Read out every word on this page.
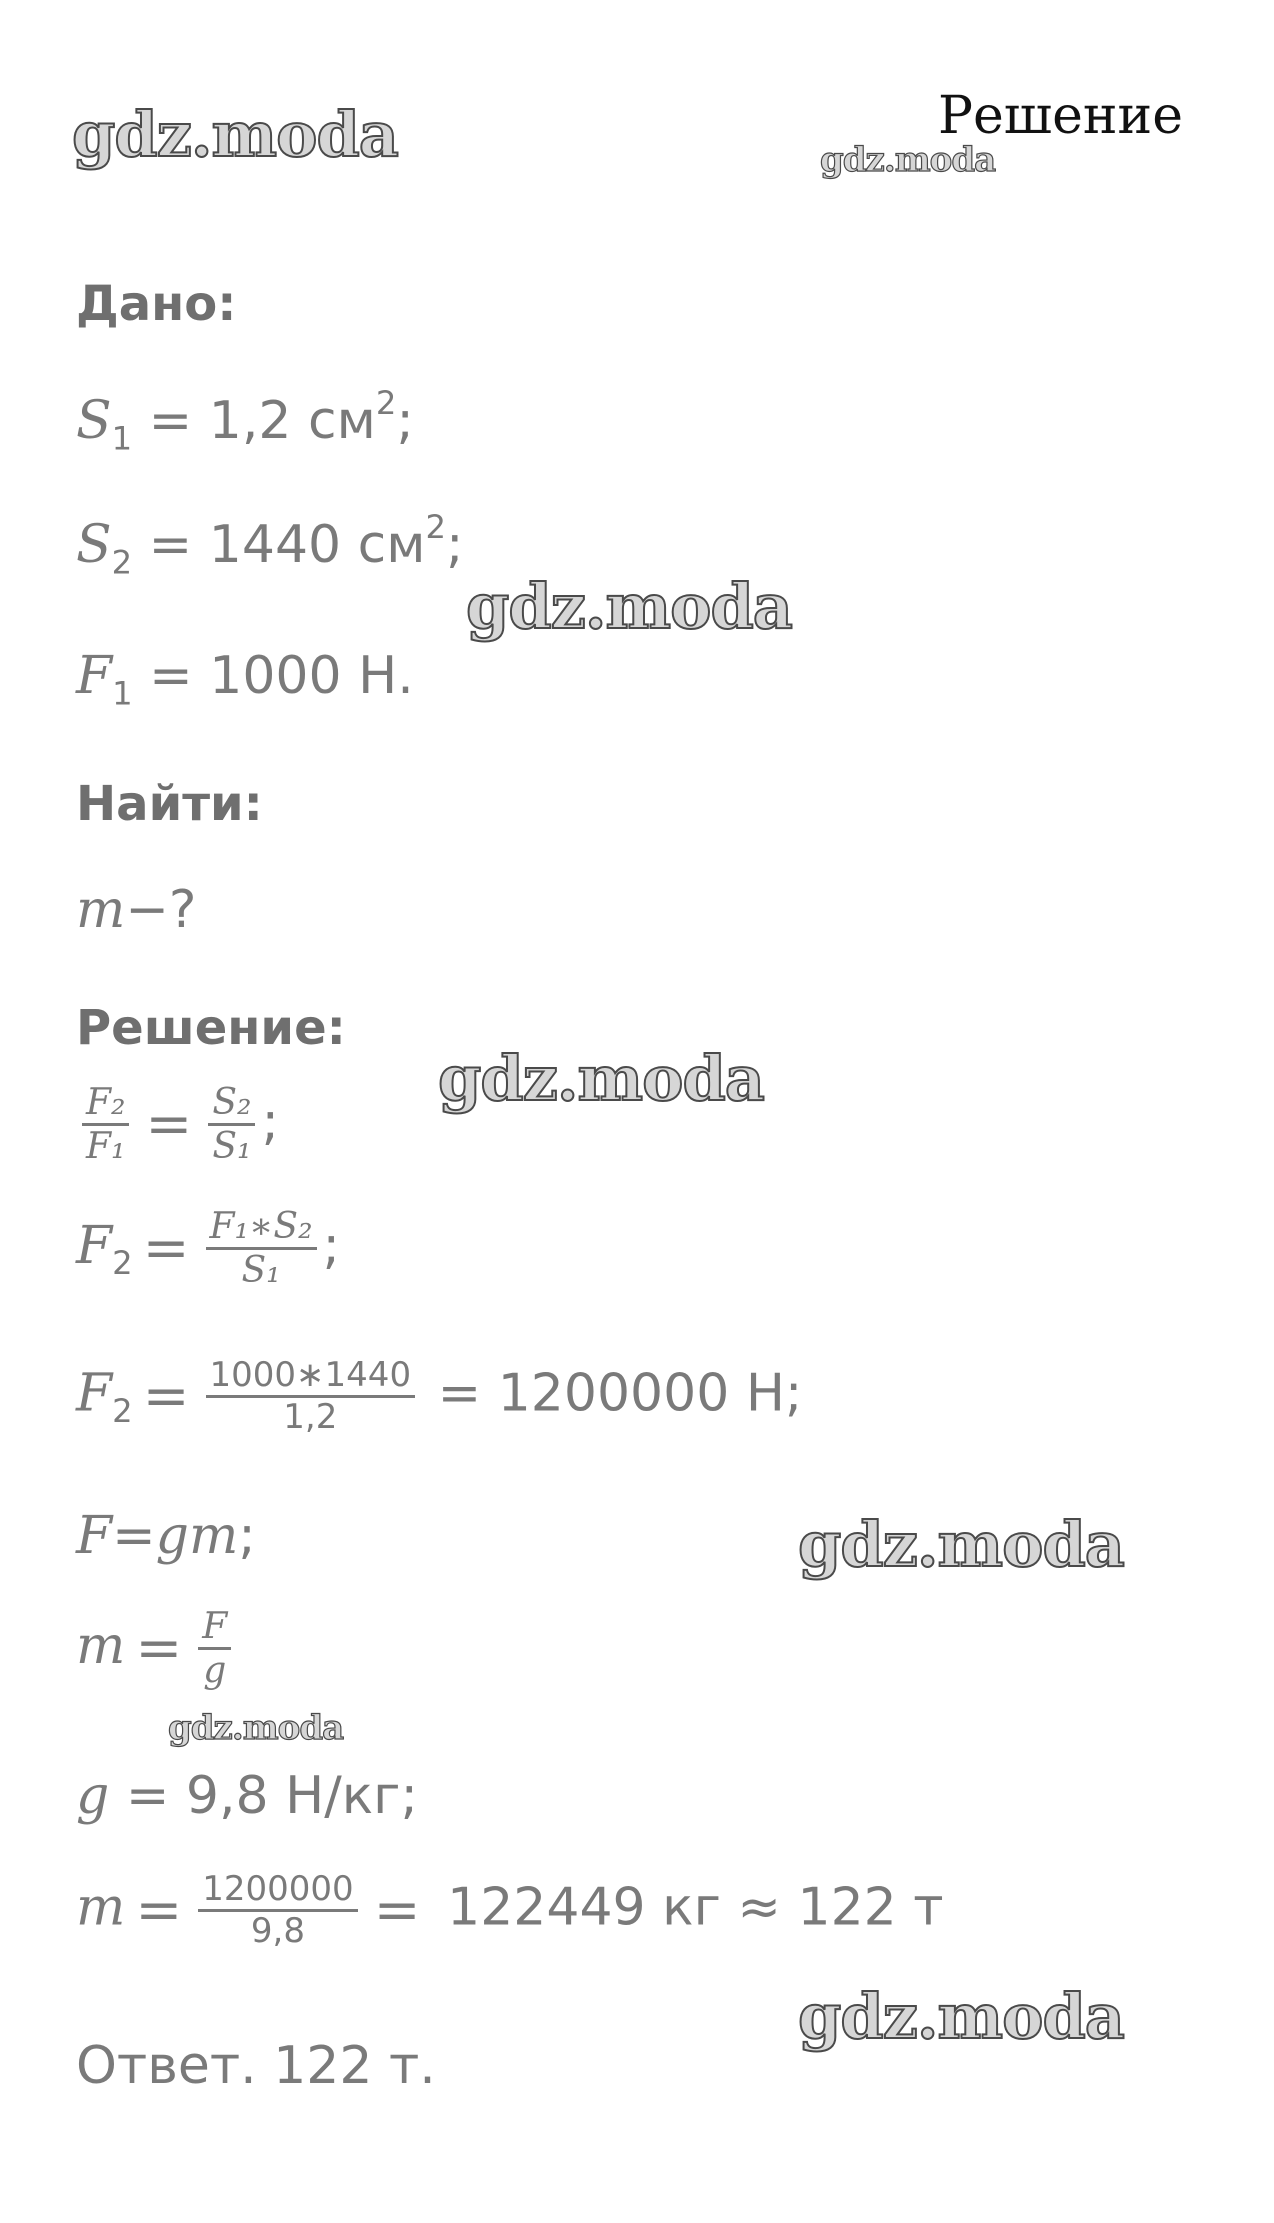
gdz.moda	gdz.moda
gdz.moda
gdz.moda
gdz.moda
gdz.moda
gdz.moda
Решение
Дано:
$S_1 = 1,2$ $см^2$;
$S_2 = 1440$ $см^2$;
$F_1 = 1000$ Н.
Найти:
m−?
Решение:
$\frac{\text{F₂}}{\text{F₁}} = \frac{\text{S₂}}{\text{S₁}}$ ;
$F_2 = \frac{\text{F₁∗S₂}}{\text{S₁}}$ ;
$F_2 = \frac{1000∗1440}{1,2} = 1200000$ Н;
F=gm;
$m = \frac{F}{g}$
g = 9,8 Н/кг;
$m = \frac{1200000}{9,8} = 122449$ кг ≈ 122 т
Ответ. 122 т.
